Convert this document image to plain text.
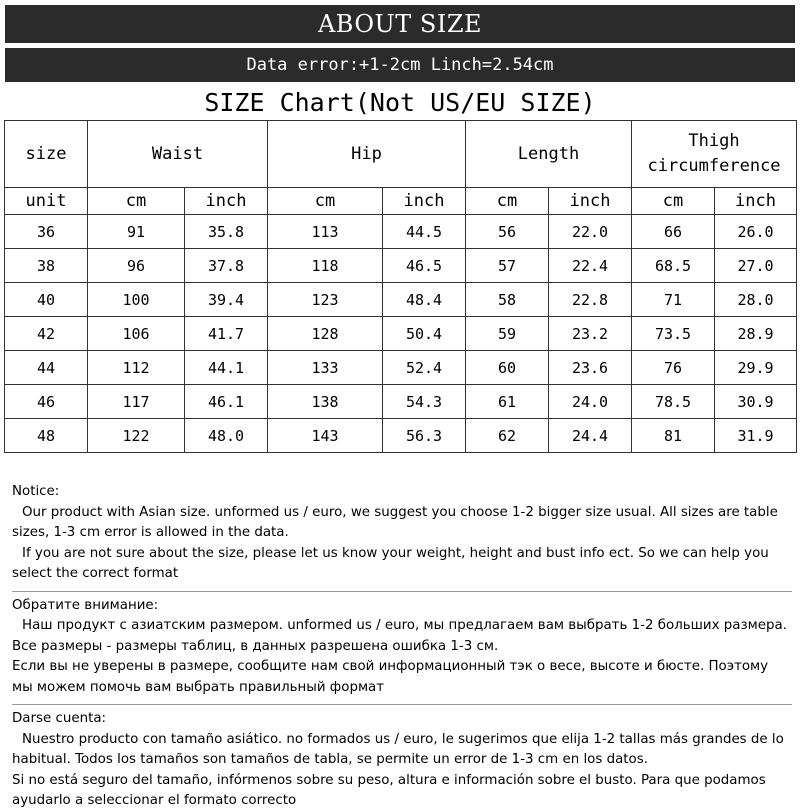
ABOUT SIZE
Data error:+1-2cm Linch=2.54cm
SIZE Chart(Not US/EU SIZE)
size	Waist		Hip		Length		Thigh circumference	
unit	cm	inch	cm	inch	cm	inch	cm	inch
36	91	35.8	113	44.5	56	22.0	66	26.0
38	96	37.8	118	46.5	57	22.4	68.5	27.0
40	100	39.4	123	48.4	58	22.8	71	28.0
42	106	41.7	128	50.4	59	23.2	73.5	28.9
44	112	44.1	133	52.4	60	23.6	76	29.9
46	117	46.1	138	54.3	61	24.0	78.5	30.9
48	122	48.0	143	56.3	62	24.4	81	31.9

Notice:

Our product with Asian size. unformed us / euro, we suggest you choose 1-2 bigger size usual. All sizes are table sizes, 1-3 cm error is allowed in the data.

If you are not sure about the size, please let us know your weight, height and bust info ect. So we can help you select the correct format

Обратите внимание:

Наш продукт с азиатским размером. unformed us / euro, мы предлагаем вам выбрать 1-2 больших размера. Все размеры - размеры таблиц, в данных разрешена ошибка 1-3 см.

Если вы не уверены в размере, сообщите нам свой информационный тэк о весе, высоте и бюсте. Поэтому мы можем помочь вам выбрать правильный формат

Darse cuenta:

Nuestro producto con tamaño asiático. no formados us / euro, le sugerimos que elija 1-2 tallas más grandes de lo habitual. Todos los tamaños son tamaños de tabla, se permite un error de 1-3 cm en los datos.

Si no está seguro del tamaño, infórmenos sobre su peso, altura e información sobre el busto. Para que podamos ayudarlo a seleccionar el formato correcto
